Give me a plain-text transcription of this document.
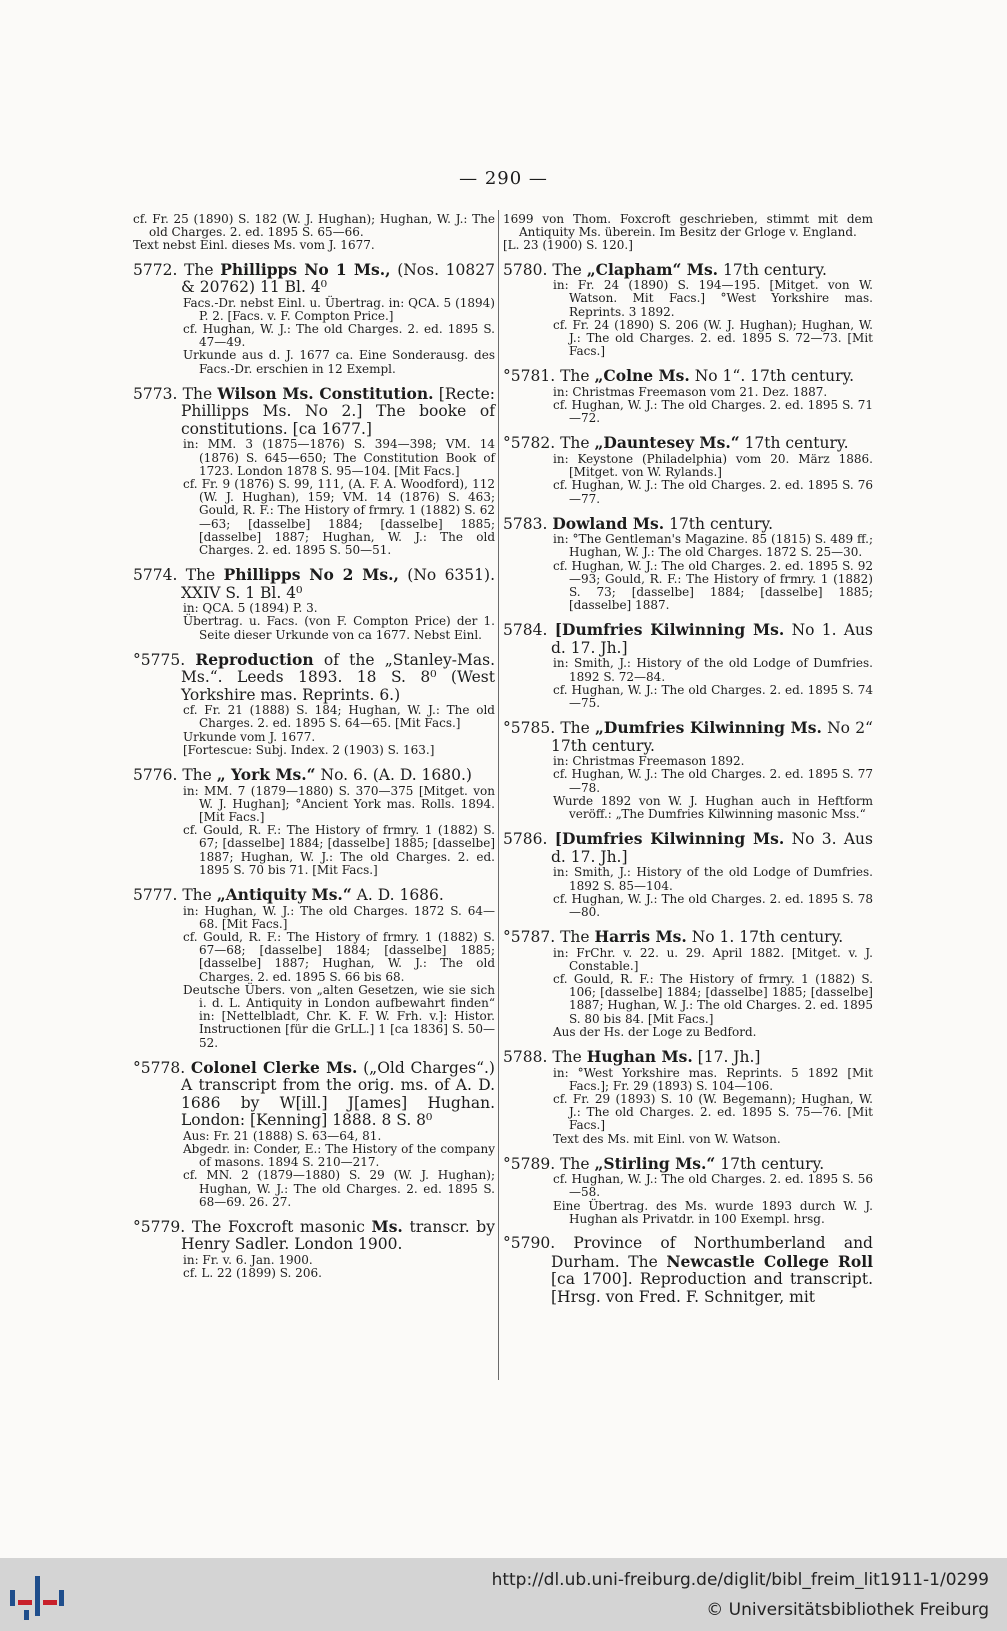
— 290 —
cf. Fr. 25 (1890) S. 182 (W. J. Hughan); Hughan, W. J.: The old Charges. 2. ed. 1895 S. 65—66.
Text nebst Einl. dieses Ms. vom J. 1677.
5772. The Phillipps No 1 Ms., (Nos. 10827 & 20762) 11 Bl. 4⁰
Facs.-Dr. nebst Einl. u. Übertrag. in: QCA. 5 (1894) P. 2. [Facs. v. F. Compton Price.]
cf. Hughan, W. J.: The old Charges. 2. ed. 1895 S. 47—49.
Urkunde aus d. J. 1677 ca. Eine Sonderausg. des Facs.-Dr. erschien in 12 Exempl.
5773. The Wilson Ms. Constitution. [Recte: Phillipps Ms. No 2.] The booke of constitutions. [ca 1677.]
in: MM. 3 (1875—1876) S. 394—398; VM. 14 (1876) S. 645—650; The Constitution Book of 1723. London 1878 S. 95—104. [Mit Facs.]
cf. Fr. 9 (1876) S. 99, 111, (A. F. A. Woodford), 112 (W. J. Hughan), 159; VM. 14 (1876) S. 463; Gould, R. F.: The History of frmry. 1 (1882) S. 62—63; [dasselbe] 1884; [dasselbe] 1885; [dasselbe] 1887; Hughan, W. J.: The old Charges. 2. ed. 1895 S. 50—51.
5774. The Phillipps No 2 Ms., (No 6351). XXIV S. 1 Bl. 4⁰
in: QCA. 5 (1894) P. 3.
Übertrag. u. Facs. (von F. Compton Price) der 1. Seite dieser Urkunde von ca 1677. Nebst Einl.
°5775. Reproduction of the „Stanley-Mas. Ms.“. Leeds 1893. 18 S. 8⁰ (West Yorkshire mas. Reprints. 6.)
cf. Fr. 21 (1888) S. 184; Hughan, W. J.: The old Charges. 2. ed. 1895 S. 64—65. [Mit Facs.]
Urkunde vom J. 1677.
[Fortescue: Subj. Index. 2 (1903) S. 163.]
5776. The „ York Ms.“ No. 6. (A. D. 1680.)
in: MM. 7 (1879—1880) S. 370—375 [Mitget. von W. J. Hughan]; °Ancient York mas. Rolls. 1894. [Mit Facs.]
cf. Gould, R. F.: The History of frmry. 1 (1882) S. 67; [dasselbe] 1884; [dasselbe] 1885; [dasselbe] 1887; Hughan, W. J.: The old Charges. 2. ed. 1895 S. 70 bis 71. [Mit Facs.]
5777. The „Antiquity Ms.“ A. D. 1686.
in: Hughan, W. J.: The old Charges. 1872 S. 64—68. [Mit Facs.]
cf. Gould, R. F.: The History of frmry. 1 (1882) S. 67—68; [dasselbe] 1884; [dasselbe] 1885; [dasselbe] 1887; Hughan, W. J.: The old Charges. 2. ed. 1895 S. 66 bis 68.
Deutsche Übers. von „alten Gesetzen, wie sie sich i. d. L. Antiquity in London aufbewahrt finden“ in: [Nettelbladt, Chr. K. F. W. Frh. v.]: Histor. Instructionen [für die GrLL.] 1 [ca 1836] S. 50—52.
°5778. Colonel Clerke Ms. („Old Charges“.) A transcript from the orig. ms. of A. D. 1686 by W[ill.] J[ames] Hughan. London: [Kenning] 1888. 8 S. 8⁰
Aus: Fr. 21 (1888) S. 63—64, 81.
Abgedr. in: Conder, E.: The History of the company of masons. 1894 S. 210—217.
cf. MN. 2 (1879—1880) S. 29 (W. J. Hughan); Hughan, W. J.: The old Charges. 2. ed. 1895 S. 68—69. 26. 27.
°5779. The Foxcroft masonic Ms. transcr. by Henry Sadler. London 1900.
in: Fr. v. 6. Jan. 1900.
cf. L. 22 (1899) S. 206.
1699 von Thom. Foxcroft geschrieben, stimmt mit dem Antiquity Ms. überein. Im Besitz der Grloge v. England.
[L. 23 (1900) S. 120.]
5780. The „Clapham“ Ms. 17th century.
in: Fr. 24 (1890) S. 194—195. [Mitget. von W. Watson. Mit Facs.] °West Yorkshire mas. Reprints. 3 1892.
cf. Fr. 24 (1890) S. 206 (W. J. Hughan); Hughan, W. J.: The old Charges. 2. ed. 1895 S. 72—73. [Mit Facs.]
°5781. The „Colne Ms. No 1“. 17th century.
in: Christmas Freemason vom 21. Dez. 1887.
cf. Hughan, W. J.: The old Charges. 2. ed. 1895 S. 71—72.
°5782. The „Dauntesey Ms.“ 17th century.
in: Keystone (Philadelphia) vom 20. März 1886. [Mitget. von W. Rylands.]
cf. Hughan, W. J.: The old Charges. 2. ed. 1895 S. 76—77.
5783. Dowland Ms. 17th century.
in: °The Gentleman's Magazine. 85 (1815) S. 489 ff.; Hughan, W. J.: The old Charges. 1872 S. 25—30.
cf. Hughan, W. J.: The old Charges. 2. ed. 1895 S. 92—93; Gould, R. F.: The History of frmry. 1 (1882) S. 73; [dasselbe] 1884; [dasselbe] 1885; [dasselbe] 1887.
5784. [Dumfries Kilwinning Ms. No 1. Aus d. 17. Jh.]
in: Smith, J.: History of the old Lodge of Dumfries. 1892 S. 72—84.
cf. Hughan, W. J.: The old Charges. 2. ed. 1895 S. 74—75.
°5785. The „Dumfries Kilwinning Ms. No 2“ 17th century.
in: Christmas Freemason 1892.
cf. Hughan, W. J.: The old Charges. 2. ed. 1895 S. 77—78.
Wurde 1892 von W. J. Hughan auch in Heftform veröff.: „The Dumfries Kilwinning masonic Mss.“
5786. [Dumfries Kilwinning Ms. No 3. Aus d. 17. Jh.]
in: Smith, J.: History of the old Lodge of Dumfries. 1892 S. 85—104.
cf. Hughan, W. J.: The old Charges. 2. ed. 1895 S. 78—80.
°5787. The Harris Ms. No 1. 17th century.
in: FrChr. v. 22. u. 29. April 1882. [Mitget. v. J. Constable.]
cf. Gould, R. F.: The History of frmry. 1 (1882) S. 106; [dasselbe] 1884; [dasselbe] 1885; [dasselbe] 1887; Hughan, W. J.: The old Charges. 2. ed. 1895 S. 80 bis 84. [Mit Facs.]
Aus der Hs. der Loge zu Bedford.
5788. The Hughan Ms. [17. Jh.]
in: °West Yorkshire mas. Reprints. 5 1892 [Mit Facs.]; Fr. 29 (1893) S. 104—106.
cf. Fr. 29 (1893) S. 10 (W. Begemann); Hughan, W. J.: The old Charges. 2. ed. 1895 S. 75—76. [Mit Facs.]
Text des Ms. mit Einl. von W. Watson.
°5789. The „Stirling Ms.“ 17th century.
cf. Hughan, W. J.: The old Charges. 2. ed. 1895 S. 56—58.
Eine Übertrag. des Ms. wurde 1893 durch W. J. Hughan als Privatdr. in 100 Exempl. hrsg.
°5790. Province of Northumberland and Durham. The Newcastle College Roll [ca 1700]. Reproduction and transcript. [Hrsg. von Fred. F. Schnitger, mit
http://dl.ub.uni-freiburg.de/diglit/bibl_freim_lit1911-1/0299
© Universitätsbibliothek Freiburg
